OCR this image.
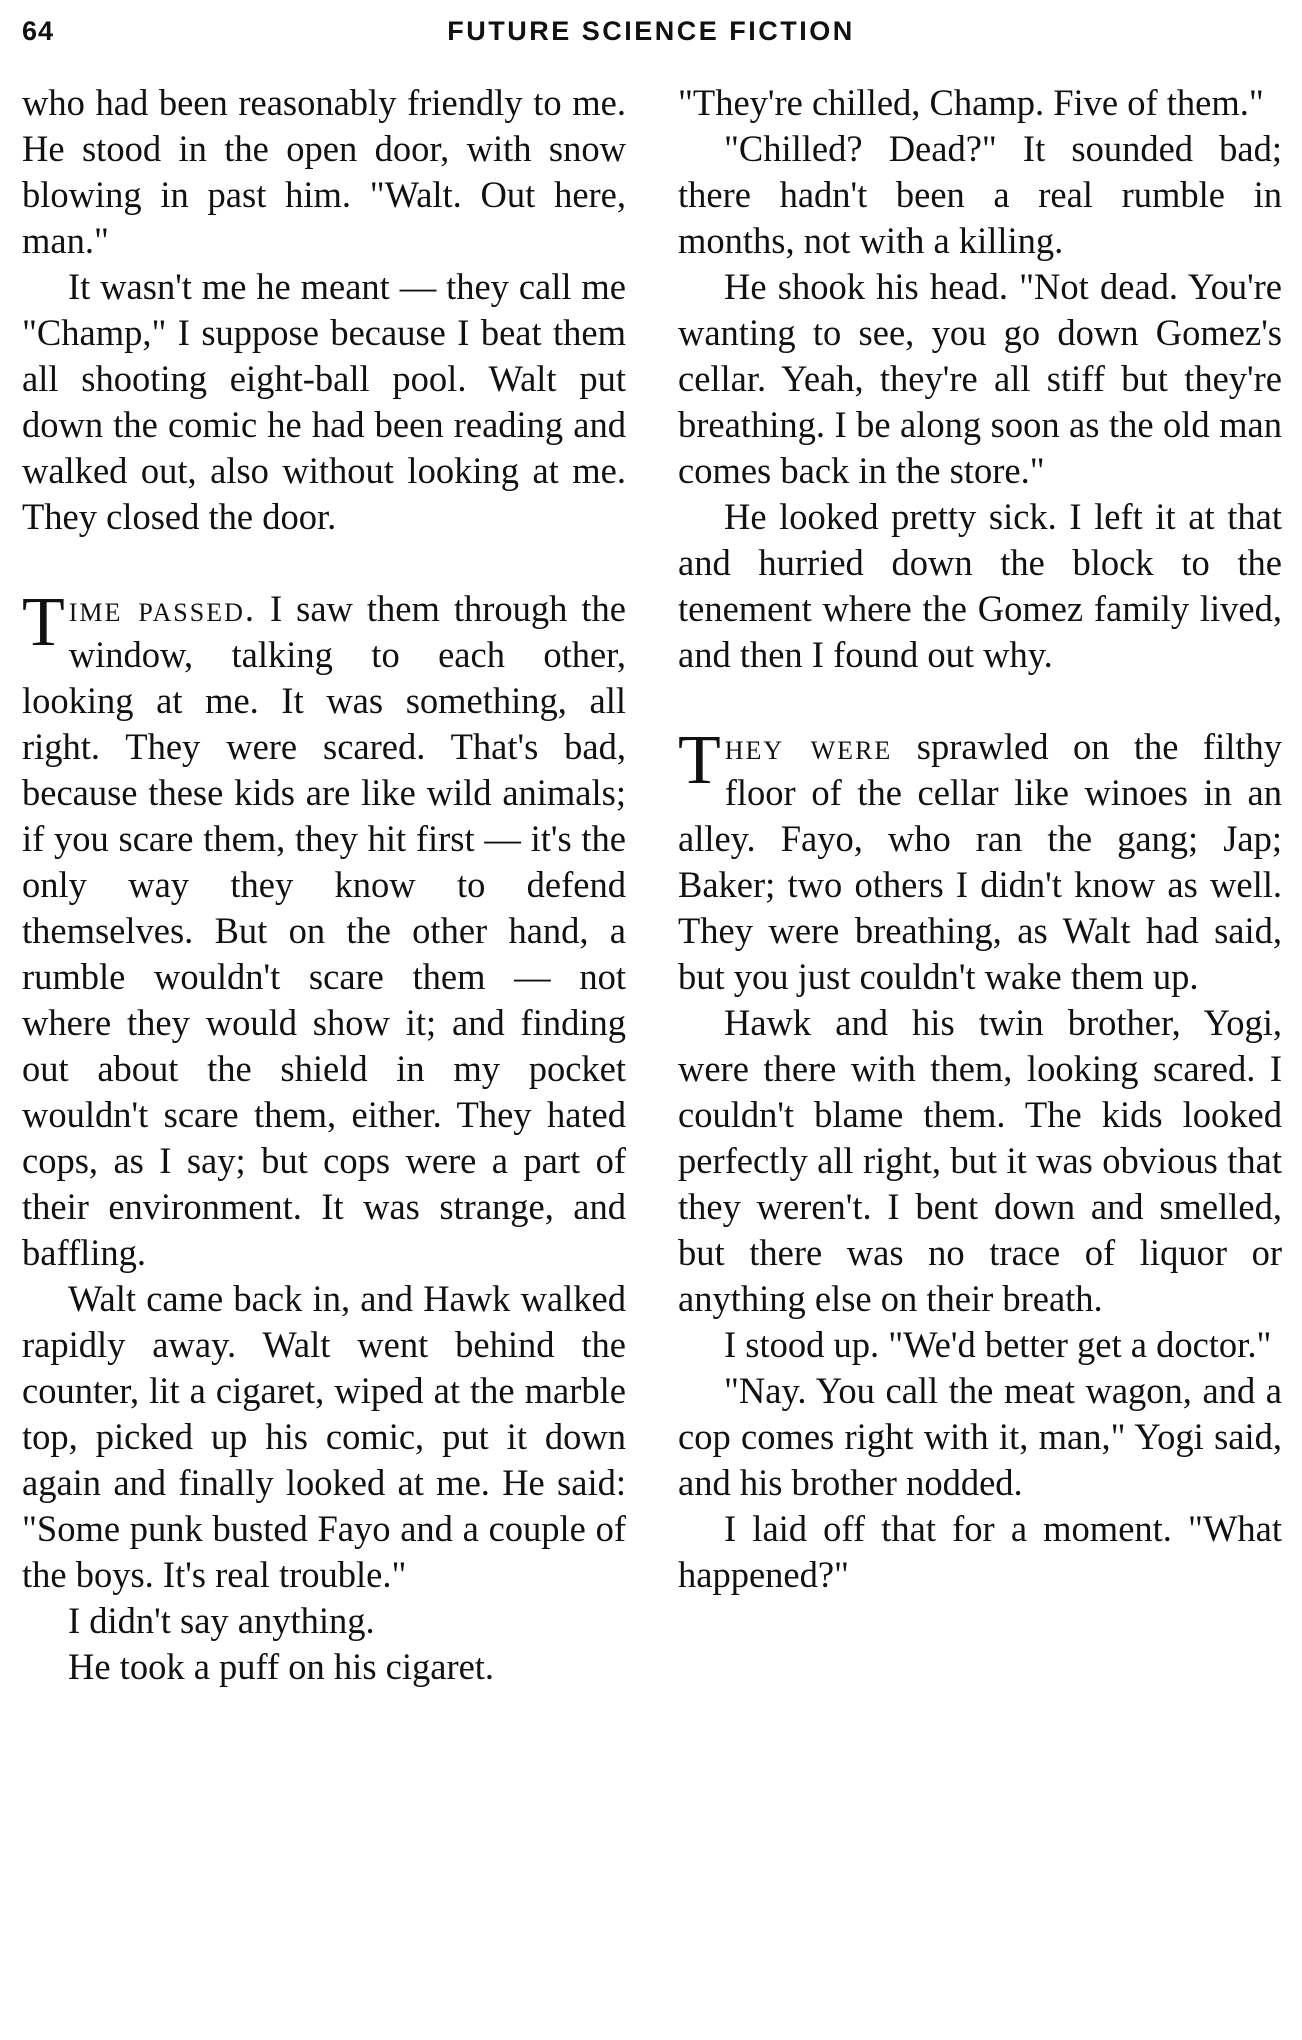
64	FUTURE SCIENCE FICTION

who had been reasonably friendly to me. He stood in the open door, with snow blowing in past him. "Walt. Out here, man."

It wasn't me he meant — they call me "Champ," I suppose because I beat them all shooting eight-ball pool. Walt put down the comic he had been reading and walked out, also without looking at me. They closed the door.

Time passed. I saw them through the window, talking to each other, looking at me. It was something, all right. They were scared. That's bad, because these kids are like wild animals; if you scare them, they hit first — it's the only way they know to defend themselves. But on the other hand, a rumble wouldn't scare them — not where they would show it; and finding out about the shield in my pocket wouldn't scare them, either. They hated cops, as I say; but cops were a part of their environment. It was strange, and baffling.

Walt came back in, and Hawk walked rapidly away. Walt went behind the counter, lit a cigaret, wiped at the marble top, picked up his comic, put it down again and finally looked at me. He said: "Some punk busted Fayo and a couple of the boys. It's real trouble."

I didn't say anything.

He took a puff on his cigaret.

"They're chilled, Champ. Five of them."

"Chilled? Dead?" It sounded bad; there hadn't been a real rumble in months, not with a killing.

He shook his head. "Not dead. You're wanting to see, you go down Gomez's cellar. Yeah, they're all stiff but they're breathing. I be along soon as the old man comes back in the store."

He looked pretty sick. I left it at that and hurried down the block to the tenement where the Gomez family lived, and then I found out why.

They were sprawled on the filthy floor of the cellar like winoes in an alley. Fayo, who ran the gang; Jap; Baker; two others I didn't know as well. They were breathing, as Walt had said, but you just couldn't wake them up.

Hawk and his twin brother, Yogi, were there with them, looking scared. I couldn't blame them. The kids looked perfectly all right, but it was obvious that they weren't. I bent down and smelled, but there was no trace of liquor or anything else on their breath.

I stood up. "We'd better get a doctor."

"Nay. You call the meat wagon, and a cop comes right with it, man," Yogi said, and his brother nodded.

I laid off that for a moment. "What happened?"
